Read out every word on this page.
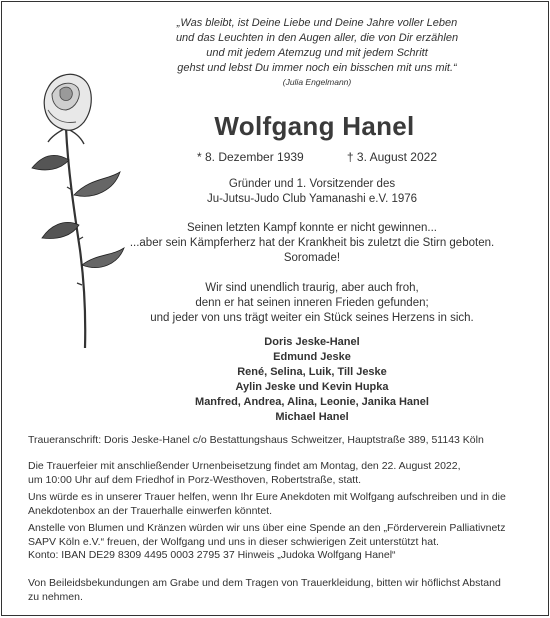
„Was bleibt, ist Deine Liebe und Deine Jahre voller Leben
und das Leuchten in den Augen aller, die von Dir erzählen
und mit jedem Atemzug und mit jedem Schritt
gehst und lebst Du immer noch ein bisschen mit uns mit.“
(Julia Engelmann)
Wolfgang Hanel
* 8. Dezember 1939	† 3. August 2022
Gründer und 1. Vorsitzender des
Ju-Jutsu-Judo Club Yamanashi e.V. 1976
Seinen letzten Kampf konnte er nicht gewinnen...
...aber sein Kämpferherz hat der Krankheit bis zuletzt die Stirn geboten.
Soromade!
Wir sind unendlich traurig, aber auch froh,
denn er hat seinen inneren Frieden gefunden;
und jeder von uns trägt weiter ein Stück seines Herzens in sich.
Doris Jeske-Hanel
Edmund Jeske
René, Selina, Luik, Till Jeske
Aylin Jeske und Kevin Hupka
Manfred, Andrea, Alina, Leonie, Janika Hanel
Michael Hanel
Traueranschrift: Doris Jeske-Hanel c/o Bestattungshaus Schweitzer, Hauptstraße 389, 51143 Köln
Die Trauerfeier mit anschließender Urnenbeisetzung findet am Montag, den 22. August 2022,
um 10:00 Uhr auf dem Friedhof in Porz-Westhoven, Robertstraße, statt.
Uns würde es in unserer Trauer helfen, wenn Ihr Eure Anekdoten mit Wolfgang aufschreiben und in die
Anekdotenbox an der Trauerhalle einwerfen könntet.
Anstelle von Blumen und Kränzen würden wir uns über eine Spende an den „Förderverein Palliativnetz
SAPV Köln e.V.“ freuen, der Wolfgang und uns in dieser schwierigen Zeit unterstützt hat.
Konto: IBAN DE29 8309 4495 0003 2795 37 Hinweis „Judoka Wolfgang Hanel“
Von Beileidsbekundungen am Grabe und dem Tragen von Trauerkleidung, bitten wir höflichst Abstand
zu nehmen.
